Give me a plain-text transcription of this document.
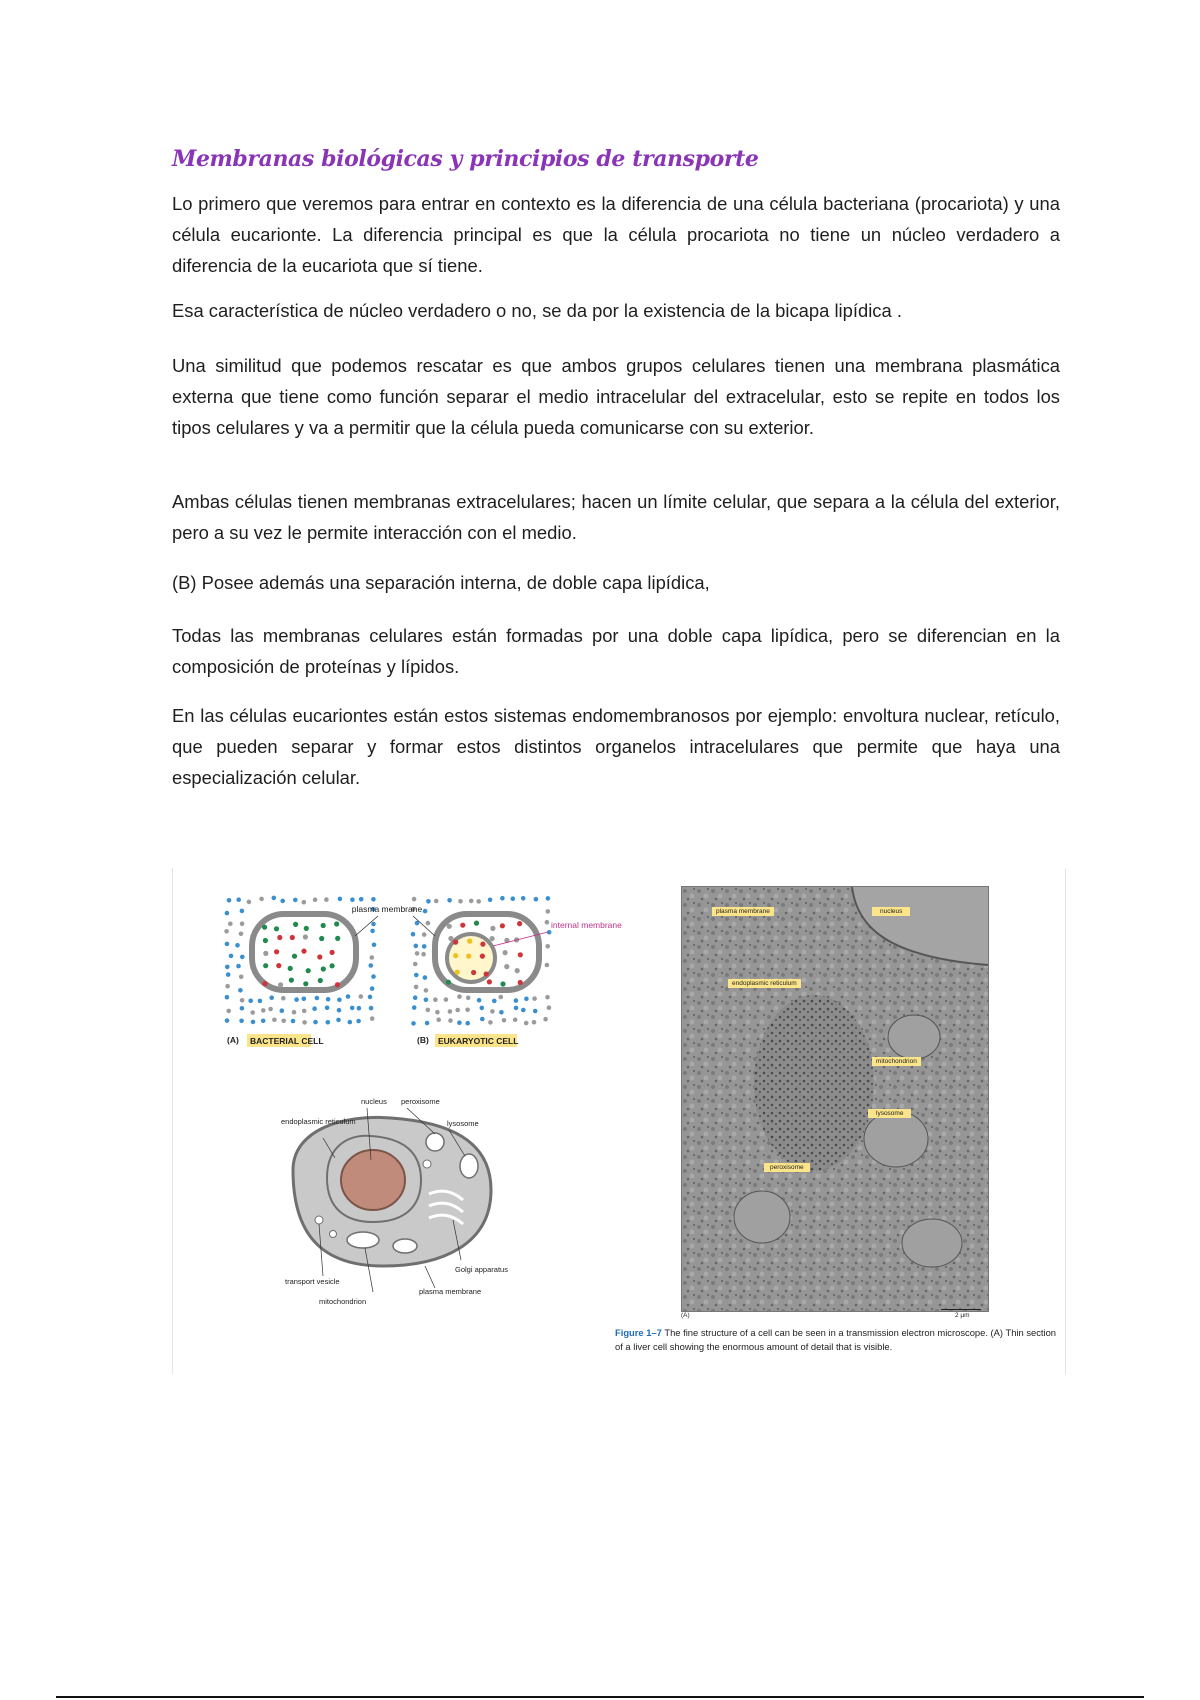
Membranas biológicas y principios de transporte

Lo primero que veremos para entrar en contexto es la diferencia de una célula bacteriana (procariota) y una célula eucarionte. La diferencia principal es que la célula procariota no tiene un núcleo verdadero a diferencia de la eucariota que sí tiene.

Esa característica de núcleo verdadero o no, se da por la existencia de la bicapa lipídica .

Una similitud que podemos rescatar es que ambos grupos celulares tienen una membrana plasmática externa que tiene como función separar el medio intracelular del extracelular, esto se repite en todos los tipos celulares y va a permitir que la célula pueda comunicarse con su exterior.

Ambas células tienen membranas extracelulares; hacen un límite celular, que separa a la célula del exterior, pero a su vez le permite interacción con el medio.

(B) Posee además una separación interna, de doble capa lipídica,

Todas las membranas celulares están formadas por una doble capa lipídica, pero se diferencian en la composición de proteínas y lípidos.

En las células eucariontes están estos sistemas endomembranosos por ejemplo: envoltura nuclear, retículo, que pueden separar y formar estos distintos organelos intracelulares que permite que haya una especialización celular.

plasma membrane
internal membrane
(A) BACTERIAL CELL	(B) EUKARYOTIC CELL
nucleus peroxisome
lysosome
endoplasmic reticulum
Golgi apparatus
transport vesicle
plasma membrane
mitochondrion
plasma membrane	nucleus
endoplasmic reticulum
mitochondrion
lysosome
peroxisome
(A)	2 µm
Figure 1–7 The fine structure of a cell can be seen in a transmission electron microscope. (A) Thin section of a liver cell showing the enormous amount of detail that is visible.
